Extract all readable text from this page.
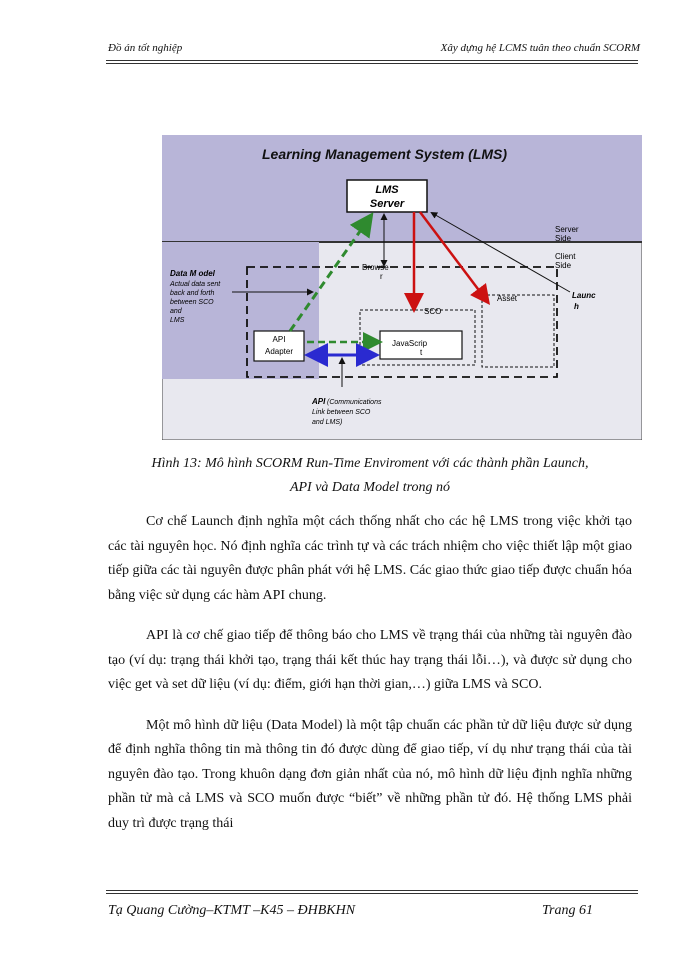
Đồ án tốt nghiệp	Xây dựng hệ LCMS tuân theo chuẩn SCORM
Learning Management System (LMS)
LMS
Server
Server
Side
Client
Side
Browse
r
Data M odel
Actual data sent
back and forth
between SCO
and
LMS
SCO
Asset
JavaScrip
t
API
Adapter
Launc
h
API (Communications
Link between SCO
and LMS)
Hình 13: Mô hình SCORM Run-Time Enviroment với các thành phần Launch,
API và Data Model trong nó

Cơ chế Launch định nghĩa một cách thống nhất cho các hệ LMS trong việc khởi tạo các tài nguyên học. Nó định nghĩa các trình tự và các trách nhiệm cho việc thiết lập một giao tiếp giữa các tài nguyên được phân phát với hệ LMS. Các giao thức giao tiếp được chuẩn hóa bằng việc sử dụng các hàm API chung.

API là cơ chế giao tiếp để thông báo cho LMS về trạng thái của những tài nguyên đào tạo (ví dụ: trạng thái khởi tạo, trạng thái kết thúc hay trạng thái lỗi…), và được sử dụng cho việc get và set dữ liệu (ví dụ: điểm, giới hạn thời gian,…) giữa LMS và SCO.

Một mô hình dữ liệu (Data Model) là một tập chuẩn các phần tử dữ liệu được sử dụng để định nghĩa thông tin mà thông tin đó được dùng để giao tiếp, ví dụ như trạng thái của tài nguyên đào tạo. Trong khuôn dạng đơn giản nhất của nó, mô hình dữ liệu định nghĩa những phần tử mà cả LMS và SCO muốn được “biết” về những phần tử đó. Hệ thống LMS phải duy trì được trạng thái

Tạ Quang Cường–KTMT –K45 – ĐHBKHN	Trang 61
